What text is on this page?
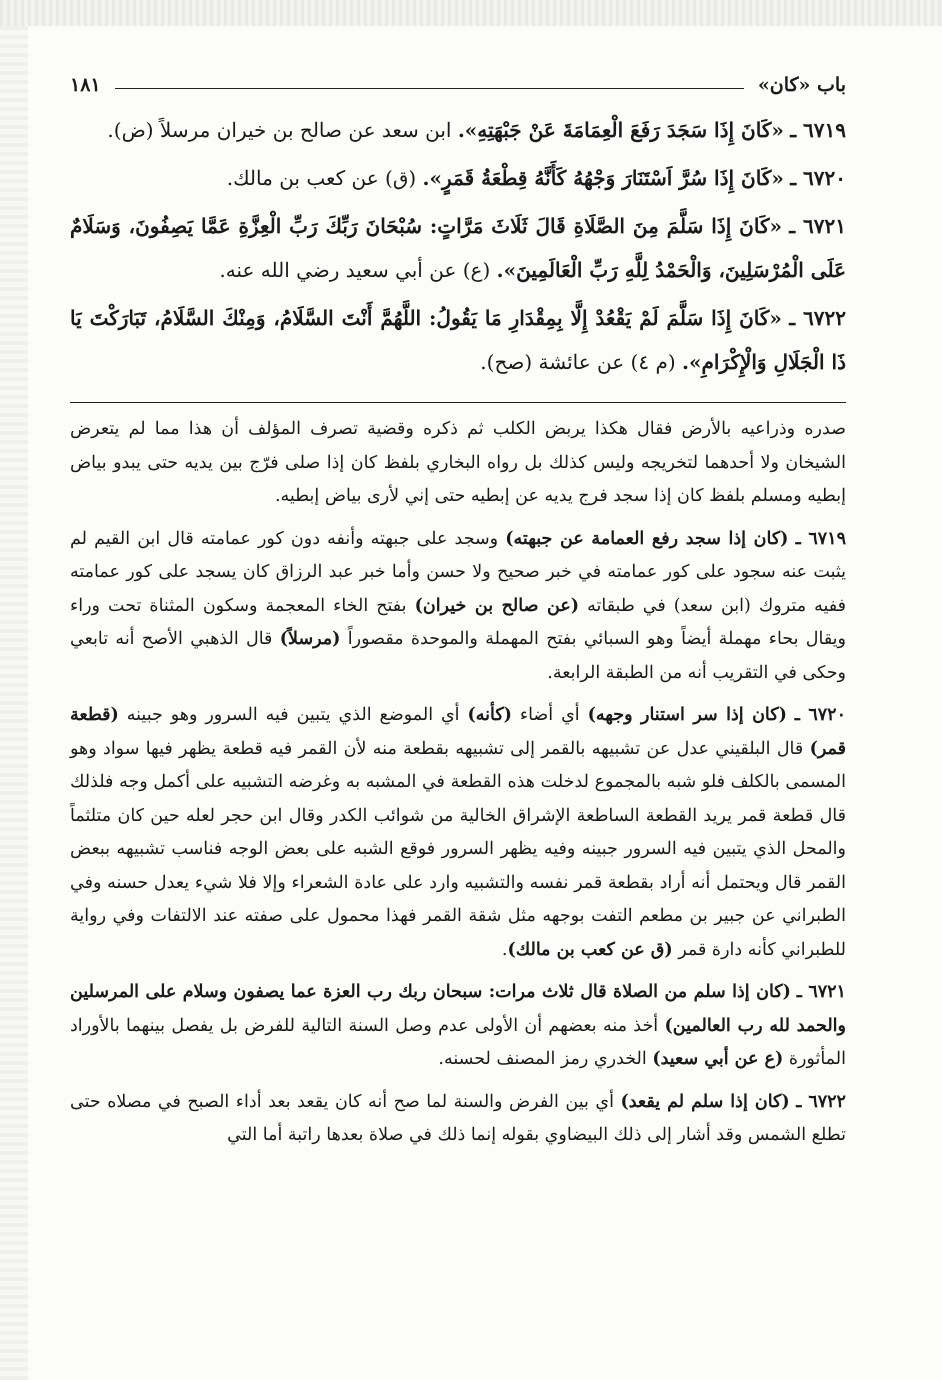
باب «كان»
١٨١

٦٧١٩ ـ «كَانَ إِذَا سَجَدَ رَفَعَ الْعِمَامَةَ عَنْ جَبْهَتِهِ». ابن سعد عن صالح بن خيران مرسلاً (ض).

٦٧٢٠ ـ «كَانَ إِذَا سُرَّ اَسْتَنَارَ وَجْهُهُ كَأَنَّهُ قِطْعَةُ قَمَرٍ». (ق) عن كعب بن مالك.

٦٧٢١ ـ «كَانَ إِذَا سَلَّمَ مِنَ الصَّلَاةِ قَالَ ثَلَاثَ مَرَّاتٍ: سُبْحَانَ رَبِّكَ رَبِّ الْعِزَّةِ عَمَّا يَصِفُونَ، وَسَلَامٌ عَلَى الْمُرْسَلِينَ، وَالْحَمْدُ لِلَّهِ رَبِّ الْعَالَمِينَ». (ع) عن أبي سعيد رضي الله عنه.

٦٧٢٢ ـ «كَانَ إِذَا سَلَّمَ لَمْ يَقْعُدْ إِلَّا بِمِقْدَارِ مَا يَقُولُ: اللَّهُمَّ أَنْتَ السَّلَامُ، وَمِنْكَ السَّلَامُ، تَبَارَكْتَ يَا ذَا الْجَلَالِ وَالْإِكْرَامِ». (م ٤) عن عائشة (صح).

صدره وذراعيه بالأرض فقال هكذا يربض الكلب ثم ذكره وقضية تصرف المؤلف أن هذا مما لم يتعرض الشيخان ولا أحدهما لتخريجه وليس كذلك بل رواه البخاري بلفظ كان إذا صلى فرّج بين يديه حتى يبدو بياض إبطيه ومسلم بلفظ كان إذا سجد فرج يديه عن إبطيه حتى إني لأرى بياض إبطيه.

٦٧١٩ ـ (كان إذا سجد رفع العمامة عن جبهته) وسجد على جبهته وأنفه دون كور عمامته قال ابن القيم لم يثبت عنه سجود على كور عمامته في خبر صحيح ولا حسن وأما خبر عبد الرزاق كان يسجد على كور عمامته ففيه متروك (ابن سعد) في طبقاته (عن صالح بن خيران) بفتح الخاء المعجمة وسكون المثناة تحت وراء ويقال بحاء مهملة أيضاً وهو السبائي بفتح المهملة والموحدة مقصوراً (مرسلاً) قال الذهبي الأصح أنه تابعي وحكى في التقريب أنه من الطبقة الرابعة.

٦٧٢٠ ـ (كان إذا سر استنار وجهه) أي أضاء (كأنه) أي الموضع الذي يتبين فيه السرور وهو جبينه (قطعة قمر) قال البلقيني عدل عن تشبيهه بالقمر إلى تشبيهه بقطعة منه لأن القمر فيه قطعة يظهر فيها سواد وهو المسمى بالكلف فلو شبه بالمجموع لدخلت هذه القطعة في المشبه به وغرضه التشبيه على أكمل وجه فلذلك قال قطعة قمر يريد القطعة الساطعة الإشراق الخالية من شوائب الكدر وقال ابن حجر لعله حين كان متلثماً والمحل الذي يتبين فيه السرور جبينه وفيه يظهر السرور فوقع الشبه على بعض الوجه فناسب تشبيهه ببعض القمر قال ويحتمل أنه أراد بقطعة قمر نفسه والتشبيه وارد على عادة الشعراء وإلا فلا شيء يعدل حسنه وفي الطبراني عن جبير بن مطعم التفت بوجهه مثل شقة القمر فهذا محمول على صفته عند الالتفات وفي رواية للطبراني كأنه دارة قمر (ق عن كعب بن مالك).

٦٧٢١ ـ (كان إذا سلم من الصلاة قال ثلاث مرات: سبحان ربك رب العزة عما يصفون وسلام على المرسلين والحمد لله رب العالمين) أخذ منه بعضهم أن الأولى عدم وصل السنة التالية للفرض بل يفصل بينهما بالأوراد المأثورة (ع عن أبي سعيد) الخدري رمز المصنف لحسنه.

٦٧٢٢ ـ (كان إذا سلم لم يقعد) أي بين الفرض والسنة لما صح أنه كان يقعد بعد أداء الصبح في مصلاه حتى تطلع الشمس وقد أشار إلى ذلك البيضاوي بقوله إنما ذلك في صلاة بعدها راتبة أما التي
